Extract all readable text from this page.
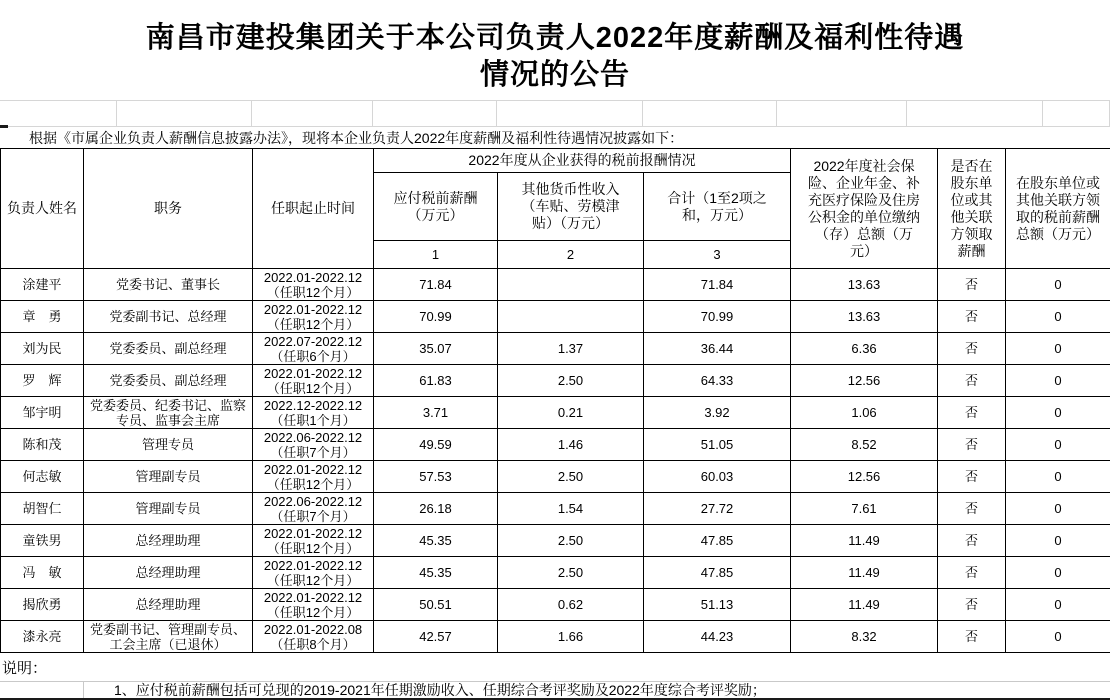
南昌市建投集团关于本公司负责人2022年度薪酬及福利性待遇
情况的公告
根据《市属企业负责人薪酬信息披露办法》，现将本企业负责人2022年度薪酬及福利性待遇情况披露如下：
负责人姓名	职务	任职起止时间	2022年度从企业获得的税前报酬情况			2022年度社会保险、企业年金、补充医疗保险及住房公积金的单位缴纳（存）总额（万元）	是否在股东单位或其他关联方领取薪酬	在股东单位或其他关联方领取的税前薪酬总额（万元）
			应付税前薪酬（万元）	其他货币性收入（车贴、劳模津贴）（万元）	合计（1至2项之和，万元）			
			1	2	3			
涂建平	党委书记、董事长	2022.01-2022.12
（任职12个月）	71.84		71.84	13.63	否	0
章　勇	党委副书记、总经理	2022.01-2022.12
（任职12个月）	70.99		70.99	13.63	否	0
刘为民	党委委员、副总经理	2022.07-2022.12
（任职6个月）	35.07	1.37	36.44	6.36	否	0
罗　辉	党委委员、副总经理	2022.01-2022.12
（任职12个月）	61.83	2.50	64.33	12.56	否	0
邹宇明	党委委员、纪委书记、监察专员、监事会主席	2022.12-2022.12
（任职1个月）	3.71	0.21	3.92	1.06	否	0
陈和茂	管理专员	2022.06-2022.12
（任职7个月）	49.59	1.46	51.05	8.52	否	0
何志敏	管理副专员	2022.01-2022.12
（任职12个月）	57.53	2.50	60.03	12.56	否	0
胡智仁	管理副专员	2022.06-2022.12
（任职7个月）	26.18	1.54	27.72	7.61	否	0
童铁男	总经理助理	2022.01-2022.12
（任职12个月）	45.35	2.50	47.85	11.49	否	0
冯　敏	总经理助理	2022.01-2022.12
（任职12个月）	45.35	2.50	47.85	11.49	否	0
揭欣勇	总经理助理	2022.01-2022.12
（任职12个月）	50.51	0.62	51.13	11.49	否	0
漆永亮	党委副书记、管理副专员、工会主席（已退休）	2022.01-2022.08
（任职8个月）	42.57	1.66	44.23	8.32	否	0
说明：
1、应付税前薪酬包括可兑现的2019-2021年任期激励收入、任期综合考评奖励及2022年度综合考评奖励；
